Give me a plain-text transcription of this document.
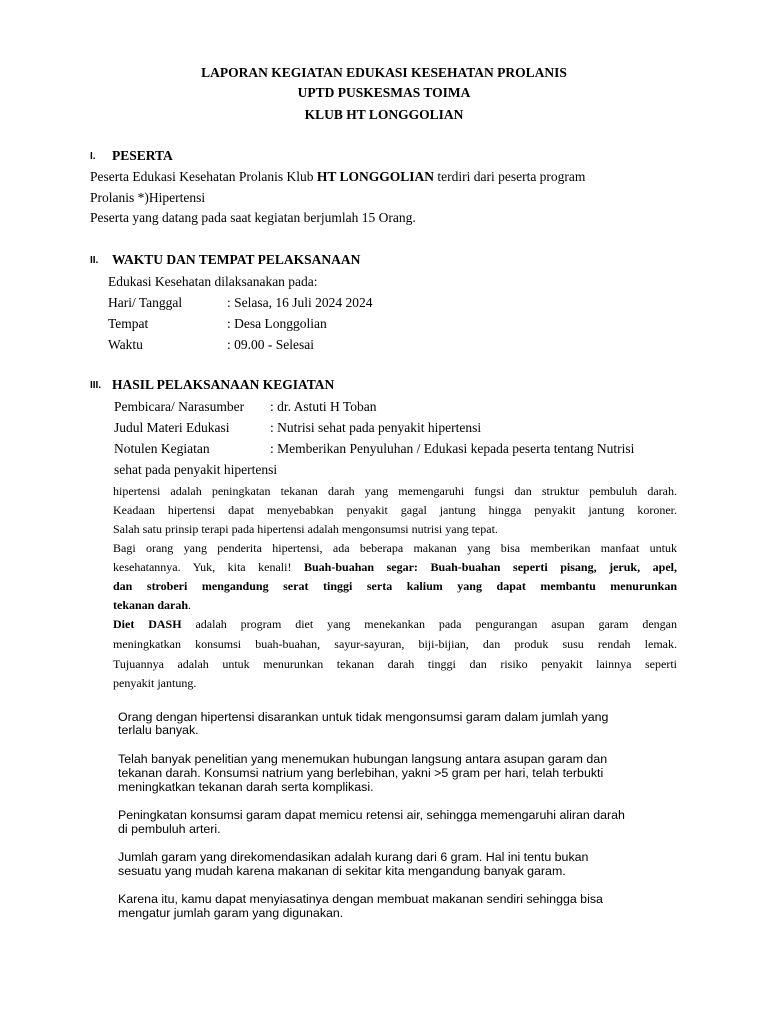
LAPORAN KEGIATAN EDUKASI KESEHATAN PROLANIS
UPTD PUSKESMAS TOIMA
KLUB HT LONGGOLIAN
I. PESERTA
Peserta Edukasi Kesehatan Prolanis Klub HT LONGGOLIAN terdiri dari peserta program
Prolanis *)Hipertensi
Peserta yang datang pada saat kegiatan berjumlah 15 Orang.
II. WAKTU DAN TEMPAT PELAKSANAAN
Edukasi Kesehatan dilaksanakan pada:
Hari/ Tanggal	: Selasa, 16 Juli 2024 2024
Tempat	: Desa Longgolian
Waktu	: 09.00 - Selesai
III. HASIL PELAKSANAAN KEGIATAN
Pembicara/ Narasumber : dr. Astuti H Toban
Judul Materi Edukasi	: Nutrisi sehat pada penyakit hipertensi
Notulen Kegiatan	: Memberikan Penyuluhan / Edukasi kepada peserta tentang Nutrisi
sehat pada penyakit hipertensi
hipertensi adalah peningkatan tekanan darah yang memengaruhi fungsi dan struktur pembuluh darah.
Keadaan hipertensi dapat menyebabkan penyakit gagal jantung hingga penyakit jantung koroner.
Salah satu prinsip terapi pada hipertensi adalah mengonsumsi nutrisi yang tepat.
Bagi orang yang penderita hipertensi, ada beberapa makanan yang bisa memberikan manfaat untuk
kesehatannya. Yuk, kita kenali! Buah-buahan segar: Buah-buahan seperti pisang, jeruk, apel,
dan stroberi mengandung serat tinggi serta kalium yang dapat membantu menurunkan
tekanan darah.
Diet DASH adalah program diet yang menekankan pada pengurangan asupan garam dengan
meningkatkan konsumsi buah-buahan, sayur-sayuran, biji-bijian, dan produk susu rendah lemak.
Tujuannya adalah untuk menurunkan tekanan darah tinggi dan risiko penyakit lainnya seperti
penyakit jantung.
Orang dengan hipertensi disarankan untuk tidak mengonsumsi garam dalam jumlah yang
terlalu banyak.
Telah banyak penelitian yang menemukan hubungan langsung antara asupan garam dan
tekanan darah. Konsumsi natrium yang berlebihan, yakni >5 gram per hari, telah terbukti
meningkatkan tekanan darah serta komplikasi.
Peningkatan konsumsi garam dapat memicu retensi air, sehingga memengaruhi aliran darah
di pembuluh arteri.
Jumlah garam yang direkomendasikan adalah kurang dari 6 gram. Hal ini tentu bukan
sesuatu yang mudah karena makanan di sekitar kita mengandung banyak garam.
Karena itu, kamu dapat menyiasatinya dengan membuat makanan sendiri sehingga bisa
mengatur jumlah garam yang digunakan.
